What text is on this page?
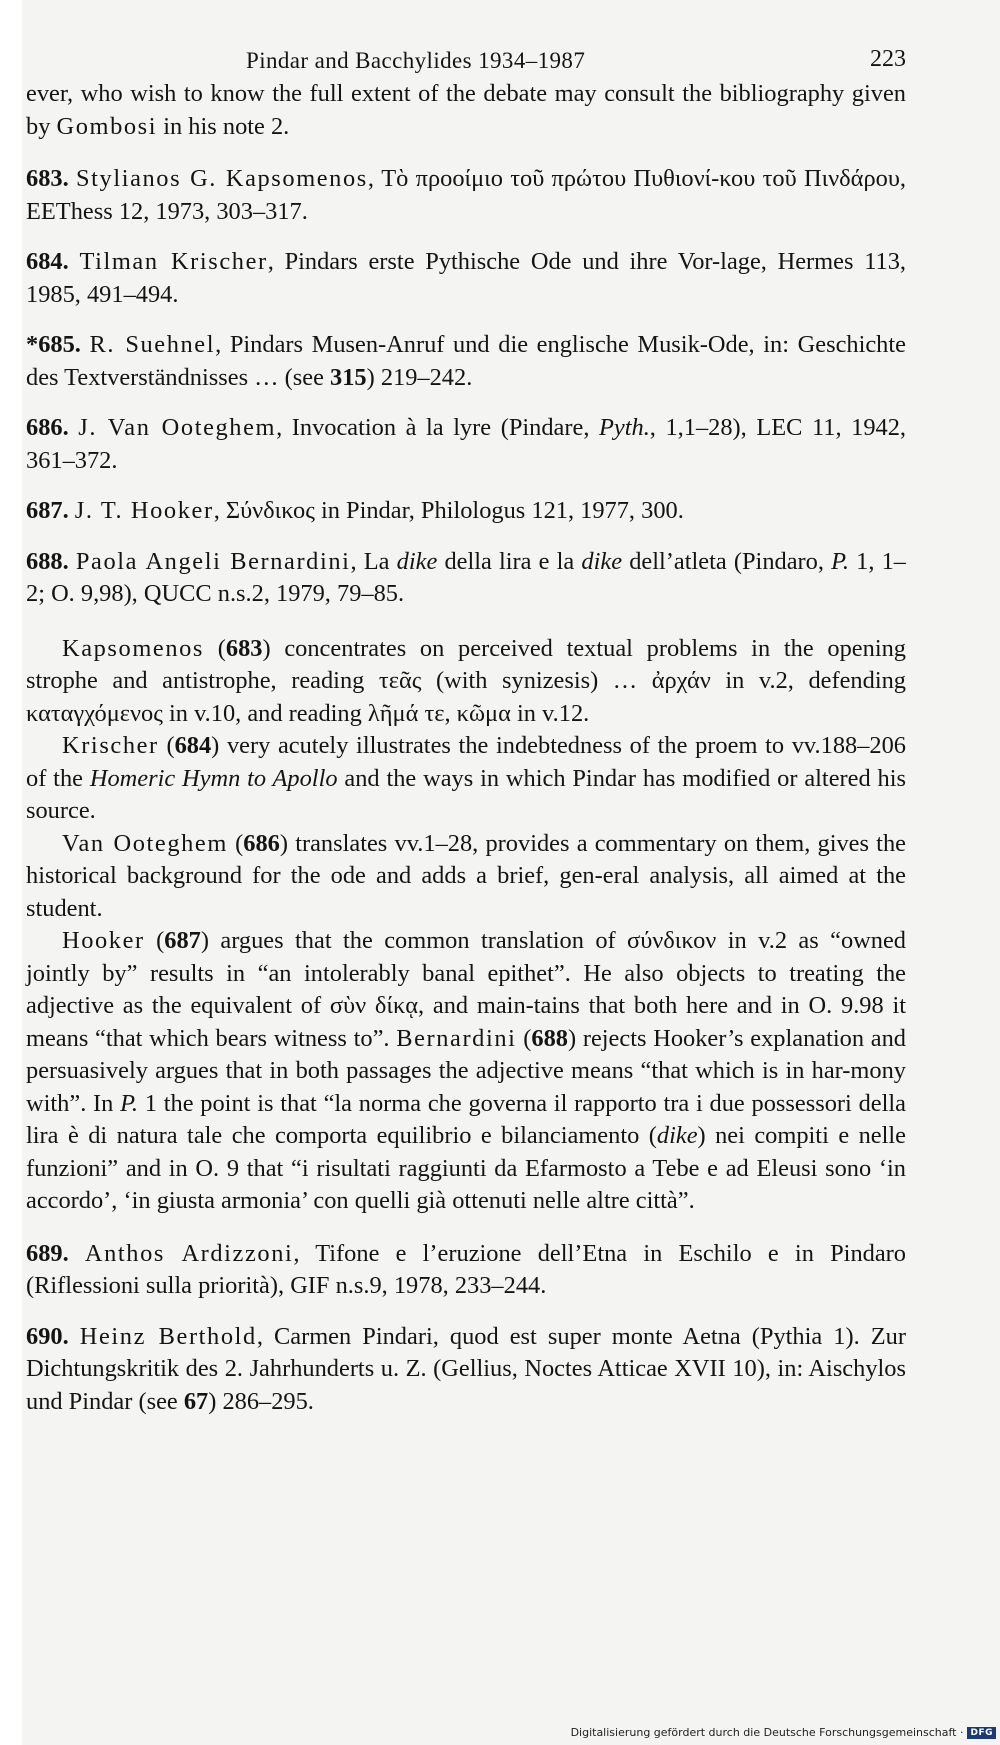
Pindar and Bacchylides 1934–1987	223

ever, who wish to know the full extent of the debate may consult the bibliography given by Gombosi in his note 2.

683. Stylianos G. Kapsomenos, Τὸ προοίμιο τοῦ πρώτου Πυθιονί-κου τοῦ Πινδάρου, EEThess 12, 1973, 303–317.

684. Tilman Krischer, Pindars erste Pythische Ode und ihre Vor-lage, Hermes 113, 1985, 491–494.

*685. R. Suehnel, Pindars Musen-Anruf und die englische Musik-Ode, in: Geschichte des Textverständnisses … (see 315) 219–242.

686. J. Van Ooteghem, Invocation à la lyre (Pindare, Pyth., 1,1–28), LEC 11, 1942, 361–372.

687. J. T. Hooker, Σύνδικος in Pindar, Philologus 121, 1977, 300.

688. Paola Angeli Bernardini, La dike della lira e la dike dell’atleta (Pindaro, P. 1, 1–2; O. 9,98), QUCC n.s.2, 1979, 79–85.

Kapsomenos (683) concentrates on perceived textual problems in the opening strophe and antistrophe, reading τεᾶς (with synizesis) … ἀρχάν in v.2, defending καταγχόμενος in v.10, and reading λῆμά τε, κῶμα in v.12.

Krischer (684) very acutely illustrates the indebtedness of the proem to vv.188–206 of the Homeric Hymn to Apollo and the ways in which Pindar has modified or altered his source.

Van Ooteghem (686) translates vv.1–28, provides a commentary on them, gives the historical background for the ode and adds a brief, gen-eral analysis, all aimed at the student.

Hooker (687) argues that the common translation of σύνδικον in v.2 as “owned jointly by” results in “an intolerably banal epithet”. He also objects to treating the adjective as the equivalent of σὺν δίκᾳ, and main-tains that both here and in O. 9.98 it means “that which bears witness to”. Bernardini (688) rejects Hooker’s explanation and persuasively argues that in both passages the adjective means “that which is in har-mony with”. In P. 1 the point is that “la norma che governa il rapporto tra i due possessori della lira è di natura tale che comporta equilibrio e bilanciamento (dike) nei compiti e nelle funzioni” and in O. 9 that “i risultati raggiunti da Efarmosto a Tebe e ad Eleusi sono ‘in accordo’, ‘in giusta armonia’ con quelli già ottenuti nelle altre città”.

689. Anthos Ardizzoni, Tifone e l’eruzione dell’Etna in Eschilo e in Pindaro (Riflessioni sulla priorità), GIF n.s.9, 1978, 233–244.

690. Heinz Berthold, Carmen Pindari, quod est super monte Aetna (Pythia 1). Zur Dichtungskritik des 2. Jahrhunderts u. Z. (Gellius, Noctes Atticae XVII 10), in: Aischylos und Pindar (see 67) 286–295.

Digitalisierung gefördert durch die Deutsche Forschungsgemeinschaft · DFG
